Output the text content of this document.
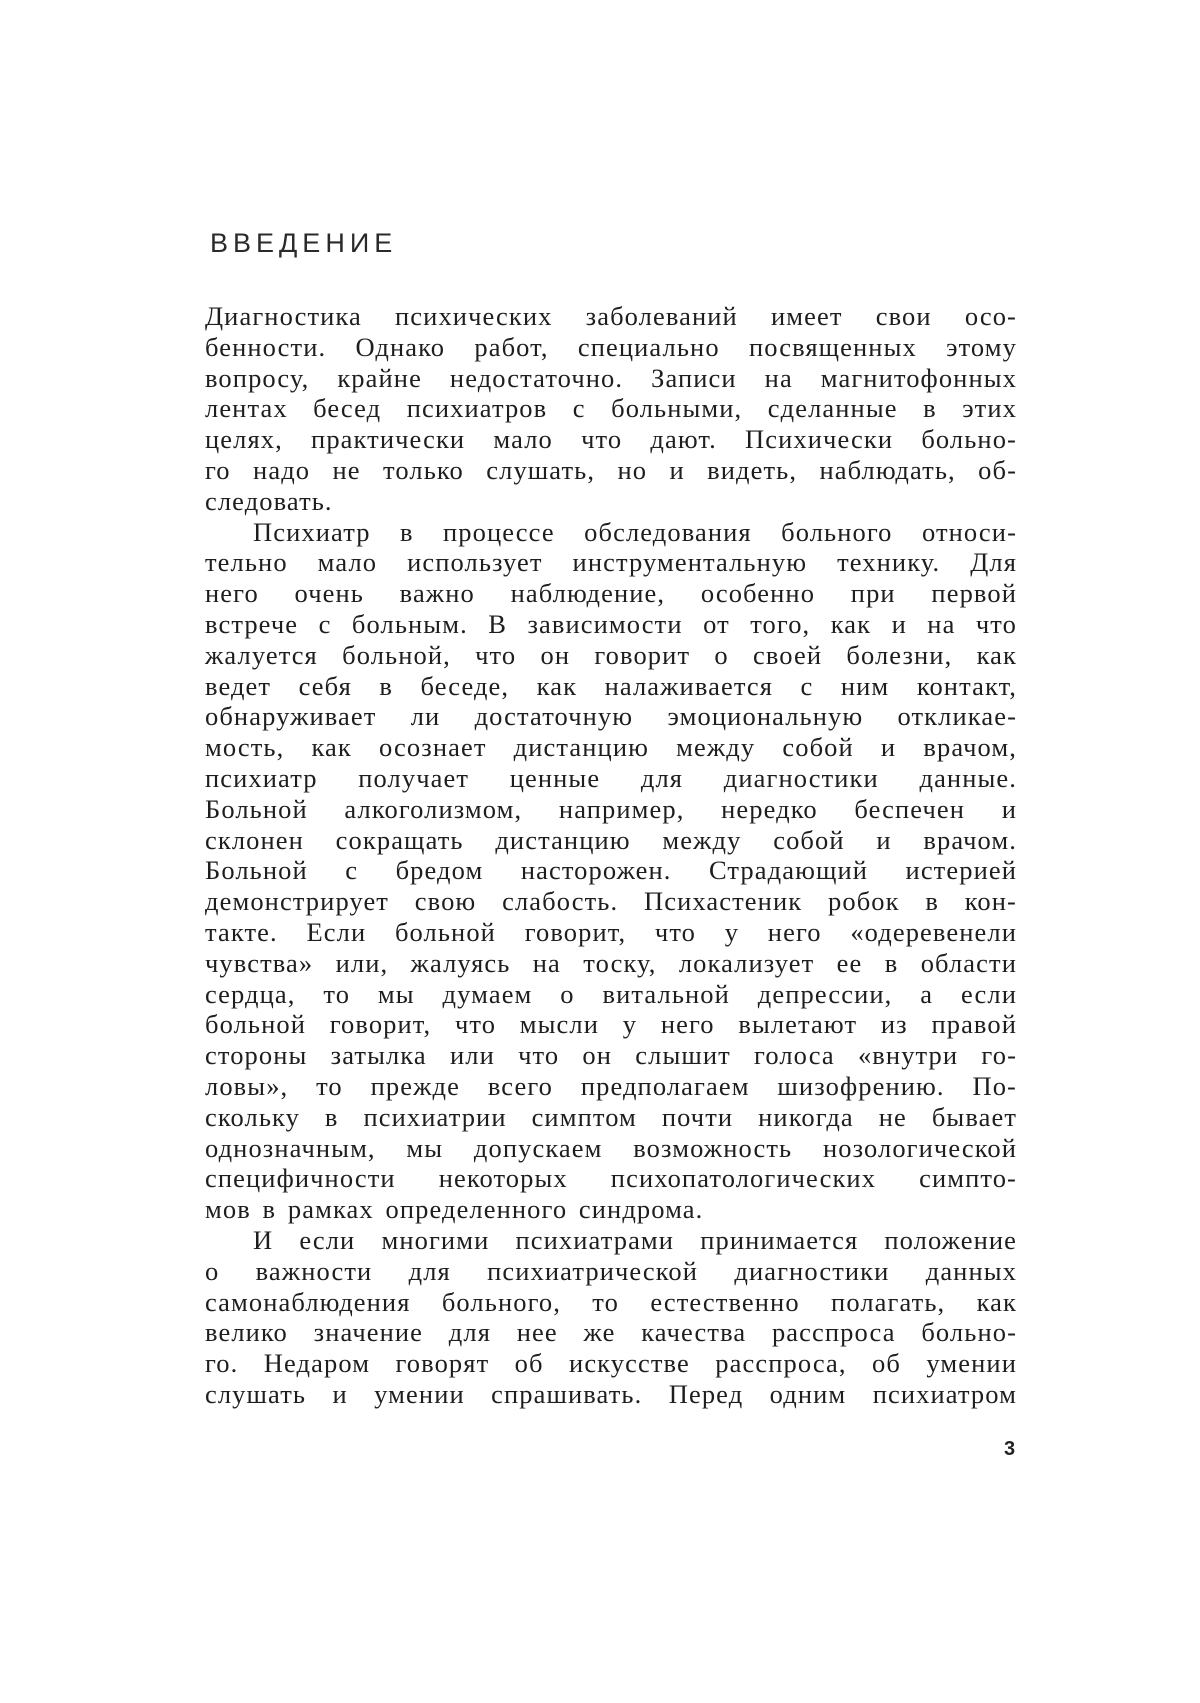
ВВЕДЕНИЕ

Диагностика психических заболеваний имеет свои осо-
бенности. Однако работ, специально посвященных этому
вопросу, крайне недостаточно. Записи на магнитофонных
лентах бесед психиатров с больными, сделанные в этих
целях, практически мало что дают. Психически больно-
го надо не только слушать, но и видеть, наблюдать, об-
следовать.

Психиатр в процессе обследования больного относи-
тельно мало использует инструментальную технику. Для
него очень важно наблюдение, особенно при первой
встрече с больным. В зависимости от того, как и на что
жалуется больной, что он говорит о своей болезни, как
ведет себя в беседе, как налаживается с ним контакт,
обнаруживает ли достаточную эмоциональную откликае-
мость, как осознает дистанцию между собой и врачом,
психиатр получает ценные для диагностики данные.
Больной алкоголизмом, например, нередко беспечен и
склонен сокращать дистанцию между собой и врачом.
Больной с бредом насторожен. Страдающий истерией
демонстрирует свою слабость. Психастеник робок в кон-
такте. Если больной говорит, что у него «одеревенели
чувства» или, жалуясь на тоску, локализует ее в области
сердца, то мы думаем о витальной депрессии, а если
больной говорит, что мысли у него вылетают из правой
стороны затылка или что он слышит голоса «внутри го-
ловы», то прежде всего предполагаем шизофрению. По-
скольку в психиатрии симптом почти никогда не бывает
однозначным, мы допускаем возможность нозологической
специфичности некоторых психопатологических симпто-
мов в рамках определенного синдрома.

И если многими психиатрами принимается положение
о важности для психиатрической диагностики данных
самонаблюдения больного, то естественно полагать, как
велико значение для нее же качества расспроса больно-
го. Недаром говорят об искусстве расспроса, об умении
слушать и умении спрашивать. Перед одним психиатром

3
